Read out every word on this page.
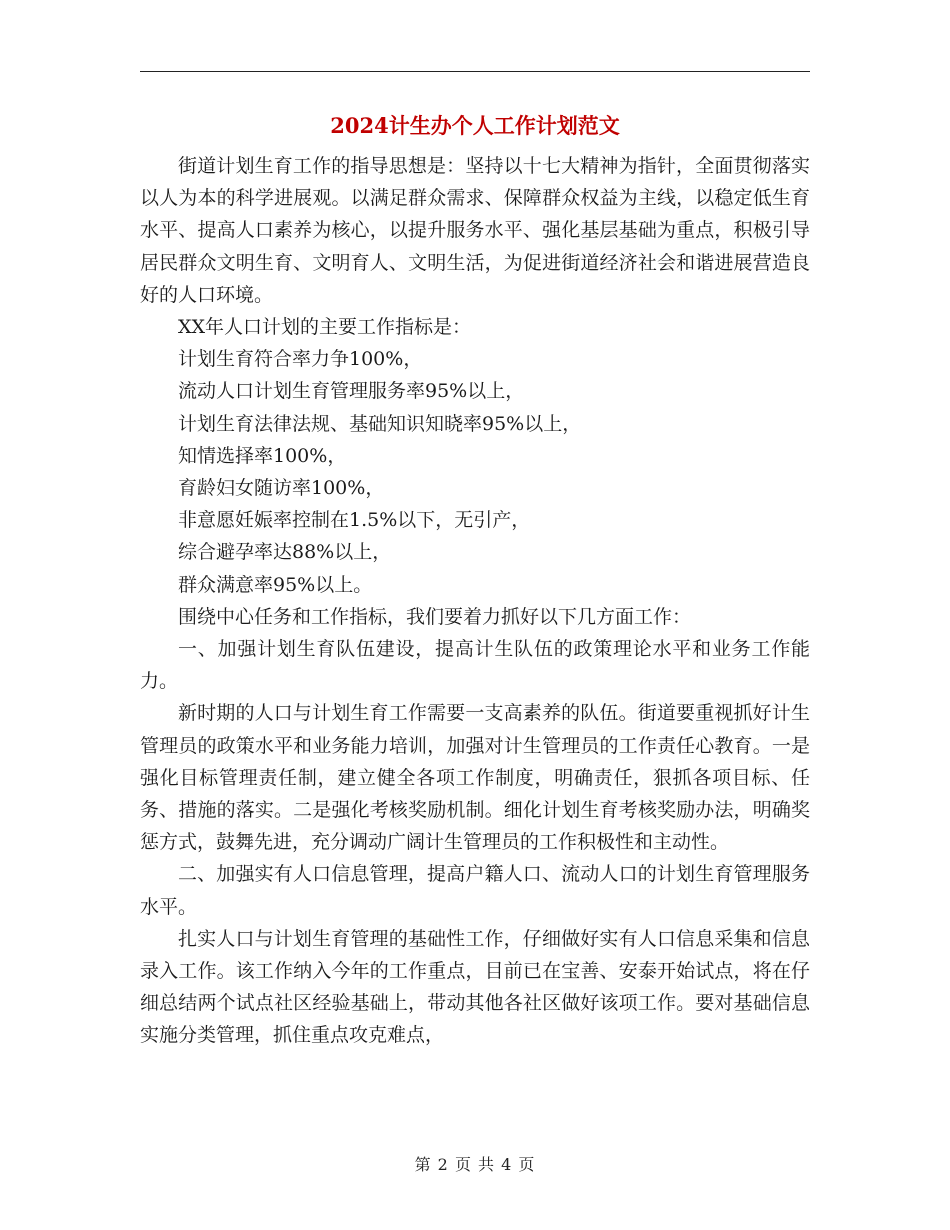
2024计生办个人工作计划范文

街道计划生育工作的指导思想是：坚持以十七大精神为指针，全面贯彻落实以人为本的科学进展观。以满足群众需求、保障群众权益为主线，以稳定低生育水平、提高人口素养为核心，以提升服务水平、强化基层基础为重点，积极引导居民群众文明生育、文明育人、文明生活，为促进街道经济社会和谐进展营造良好的人口环境。

XX年人口计划的主要工作指标是：

计划生育符合率力争100%，

流动人口计划生育管理服务率95%以上，

计划生育法律法规、基础知识知晓率95%以上，

知情选择率100%，

育龄妇女随访率100%，

非意愿妊娠率控制在1.5%以下，无引产，

综合避孕率达88%以上，

群众满意率95%以上。

围绕中心任务和工作指标，我们要着力抓好以下几方面工作：

一、加强计划生育队伍建设，提高计生队伍的政策理论水平和业务工作能力。

新时期的人口与计划生育工作需要一支高素养的队伍。街道要重视抓好计生管理员的政策水平和业务能力培训，加强对计生管理员的工作责任心教育。一是强化目标管理责任制，建立健全各项工作制度，明确责任，狠抓各项目标、任务、措施的落实。二是强化考核奖励机制。细化计划生育考核奖励办法，明确奖惩方式，鼓舞先进，充分调动广阔计生管理员的工作积极性和主动性。

二、加强实有人口信息管理，提高户籍人口、流动人口的计划生育管理服务水平。

扎实人口与计划生育管理的基础性工作，仔细做好实有人口信息采集和信息录入工作。该工作纳入今年的工作重点，目前已在宝善、安泰开始试点，将在仔细总结两个试点社区经验基础上，带动其他各社区做好该项工作。要对基础信息实施分类管理，抓住重点攻克难点，

第 2 页 共 4 页
